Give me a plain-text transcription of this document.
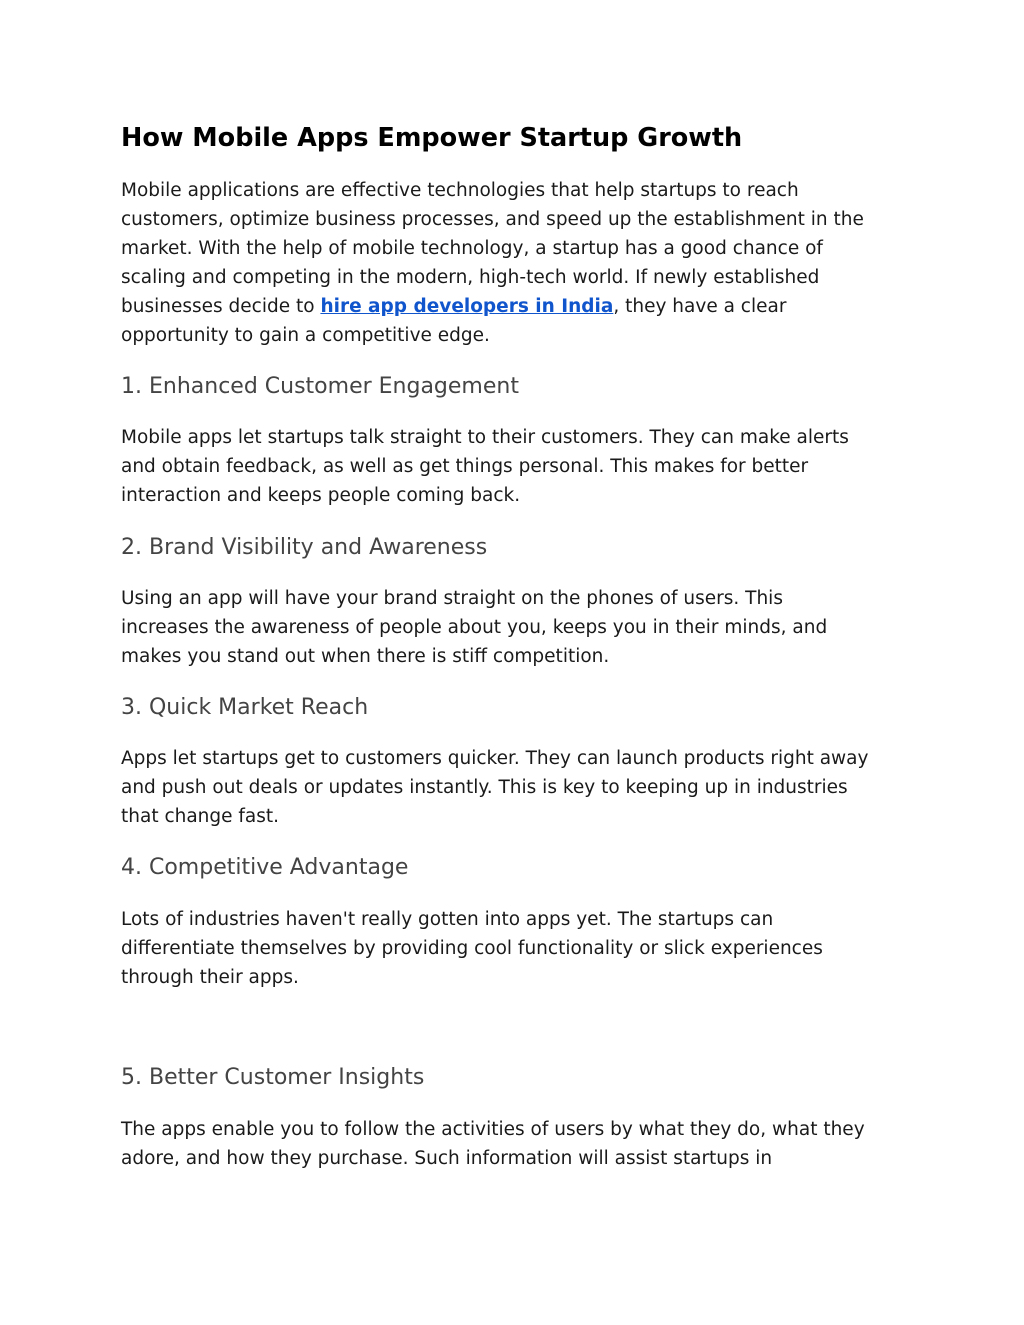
How Mobile Apps Empower Startup Growth

Mobile applications are effective technologies that help startups to reach
customers, optimize business processes, and speed up the establishment in the
market. With the help of mobile technology, a startup has a good chance of
scaling and competing in the modern, high-tech world. If newly established
businesses decide to hire app developers in India, they have a clear
opportunity to gain a competitive edge.

1. Enhanced Customer Engagement

Mobile apps let startups talk straight to their customers. They can make alerts
and obtain feedback, as well as get things personal. This makes for better
interaction and keeps people coming back.

2. Brand Visibility and Awareness

Using an app will have your brand straight on the phones of users. This
increases the awareness of people about you, keeps you in their minds, and
makes you stand out when there is stiff competition.

3. Quick Market Reach

Apps let startups get to customers quicker. They can launch products right away
and push out deals or updates instantly. This is key to keeping up in industries
that change fast.

4. Competitive Advantage

Lots of industries haven't really gotten into apps yet. The startups can
differentiate themselves by providing cool functionality or slick experiences
through their apps.

5. Better Customer Insights

The apps enable you to follow the activities of users by what they do, what they
adore, and how they purchase. Such information will assist startups in
